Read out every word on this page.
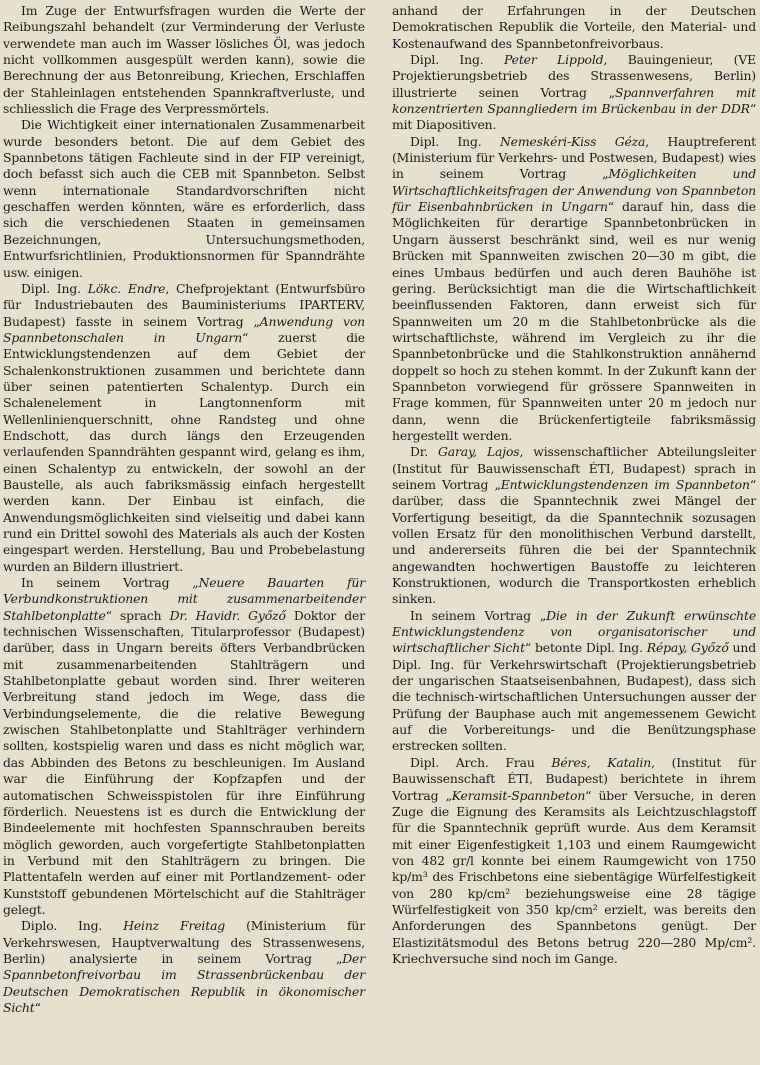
Im Zuge der Entwurfsfragen wurden die Werte der Reibungszahl behandelt (zur Verminderung der Verluste verwendete man auch im Wasser lösliches Öl, was jedoch nicht vollkommen ausgespült werden kann), sowie die Berechnung der aus Betonreibung, Kriechen, Erschlaffen der Stahleinlagen entstehenden Spannkraftverluste, und schliesslich die Frage des Verpressmörtels.

Die Wichtigkeit einer internationalen Zusammenarbeit wurde besonders betont. Die auf dem Gebiet des Spannbetons tätigen Fachleute sind in der FIP vereinigt, doch befasst sich auch die CEB mit Spannbeton. Selbst wenn internationale Standardvorschriften nicht geschaffen werden könnten, wäre es erforderlich, dass sich die verschiedenen Staaten in gemeinsamen Bezeichnungen, Untersuchungsmethoden, Entwurfsrichtlinien, Produktionsnormen für Spanndrähte usw. einigen.

Dipl. Ing. Lökc. Endre, Chefprojektant (Entwurfsbüro für Industriebauten des Bauministeriums IPARTERV, Budapest) fasste in seinem Vortrag „Anwendung von Spannbetonschalen in Ungarn“ zuerst die Entwicklungstendenzen auf dem Gebiet der Schalenkonstruktionen zusammen und berichtete dann über seinen patentierten Schalentyp. Durch ein Schalenelement in Langtonnenform mit Wellenlinienquerschnitt, ohne Randsteg und ohne Endschott, das durch längs den Erzeugenden verlaufenden Spanndrähten gespannt wird, gelang es ihm, einen Schalentyp zu entwickeln, der sowohl an der Baustelle, als auch fabriksmässig einfach hergestellt werden kann. Der Einbau ist einfach, die Anwendungsmöglichkeiten sind vielseitig und dabei kann rund ein Drittel sowohl des Materials als auch der Kosten eingespart werden. Herstellung, Bau und Probebelastung wurden an Bildern illustriert.

In seinem Vortrag „Neuere Bauarten für Verbundkonstruktionen mit zusammenarbeitender Stahlbetonplatte“ sprach Dr. Havidr. Győző Doktor der technischen Wissenschaften, Titularprofessor (Budapest) darüber, dass in Ungarn bereits öfters Verbandbrücken mit zusammenarbeitenden Stahlträgern und Stahlbetonplatte gebaut worden sind. Ihrer weiteren Verbreitung stand jedoch im Wege, dass die Verbindungselemente, die die relative Bewegung zwischen Stahlbetonplatte und Stahlträger verhindern sollten, kostspielig waren und dass es nicht möglich war, das Abbinden des Betons zu beschleunigen. Im Ausland war die Einführung der Kopfzapfen und der automatischen Schweisspistolen für ihre Einführung förderlich. Neuestens ist es durch die Entwicklung der Bindeelemente mit hochfesten Spannschrauben bereits möglich geworden, auch vorgefertigte Stahlbetonplatten in Verbund mit den Stahlträgern zu bringen. Die Plattentafeln werden auf einer mit Portlandzement- oder Kunststoff gebundenen Mörtelschicht auf die Stahlträger gelegt.

Diplo. Ing. Heinz Freitag (Ministerium für Verkehrswesen, Hauptverwaltung des Strassenwesens, Berlin) analysierte in seinem Vortrag „Der Spannbetonfreivorbau im Strassenbrückenbau der Deutschen Demokratischen Republik in ökonomischer Sicht“

anhand der Erfahrungen in der Deutschen Demokratischen Republik die Vorteile, den Material- und Kostenaufwand des Spannbetonfreivorbaus.

Dipl. Ing. Peter Lippold, Bauingenieur, (VE Projektierungsbetrieb des Strassenwesens, Berlin) illustrierte seinen Vortrag „Spannverfahren mit konzentrierten Spanngliedern im Brückenbau in der DDR“ mit Diapositiven.

Dipl. Ing. Nemeskéri-Kiss Géza, Hauptreferent (Ministerium für Verkehrs- und Postwesen, Budapest) wies in seinem Vortrag „Möglichkeiten und Wirtschaftlichkeitsfragen der Anwendung von Spannbeton für Eisenbahnbrücken in Ungarn“ darauf hin, dass die Möglichkeiten für derartige Spannbetonbrücken in Ungarn äusserst beschränkt sind, weil es nur wenig Brücken mit Spannweiten zwischen 20—30 m gibt, die eines Umbaus bedürfen und auch deren Bauhöhe ist gering. Berücksichtigt man die die Wirtschaftlichkeit beeinflussenden Faktoren, dann erweist sich für Spannweiten um 20 m die Stahlbetonbrücke als die wirtschaftlichste, während im Vergleich zu ihr die Spannbetonbrücke und die Stahlkonstruktion annähernd doppelt so hoch zu stehen kommt. In der Zukunft kann der Spannbeton vorwiegend für grössere Spannweiten in Frage kommen, für Spannweiten unter 20 m jedoch nur dann, wenn die Brückenfertigteile fabriksmässig hergestellt werden.

Dr. Garay, Lajos, wissenschaftlicher Abteilungsleiter (Institut für Bauwissenschaft ÉTI, Budapest) sprach in seinem Vortrag „Entwicklungstendenzen im Spannbeton“ darüber, dass die Spanntechnik zwei Mängel der Vorfertigung beseitigt, da die Spanntechnik sozusagen vollen Ersatz für den monolithischen Verbund darstellt, und andererseits führen die bei der Spanntechnik angewandten hochwertigen Baustoffe zu leichteren Konstruktionen, wodurch die Transportkosten erheblich sinken.

In seinem Vortrag „Die in der Zukunft erwünschte Entwicklungstendenz von organisatorischer und wirtschaftlicher Sicht“ betonte Dipl. Ing. Répay, Győző und Dipl. Ing. für Verkehrswirtschaft (Projektierungsbetrieb der ungarischen Staatseisenbahnen, Budapest), dass sich die technisch-wirtschaftlichen Untersuchungen ausser der Prüfung der Bauphase auch mit angemessenem Gewicht auf die Vorbereitungs- und die Benützungsphase erstrecken sollten.

Dipl. Arch. Frau Béres, Katalin, (Institut für Bauwissenschaft ÉTI, Budapest) berichtete in ihrem Vortrag „Keramsit-Spannbeton“ über Versuche, in deren Zuge die Eignung des Keramsits als Leichtzuschlagstoff für die Spanntechnik geprüft wurde. Aus dem Keramsit mit einer Eigenfestigkeit 1,103 und einem Raumgewicht von 482 gr/l konnte bei einem Raumgewicht von 1750 kp/m³ des Frischbetons eine siebentägige Würfelfestigkeit von 280 kp/cm² beziehungsweise eine 28 tägige Würfelfestigkeit von 350 kp/cm² erzielt, was bereits den Anforderungen des Spannbetons genügt. Der Elastizitätsmodul des Betons betrug 220—280 Mp/cm². Kriechversuche sind noch im Gange.
